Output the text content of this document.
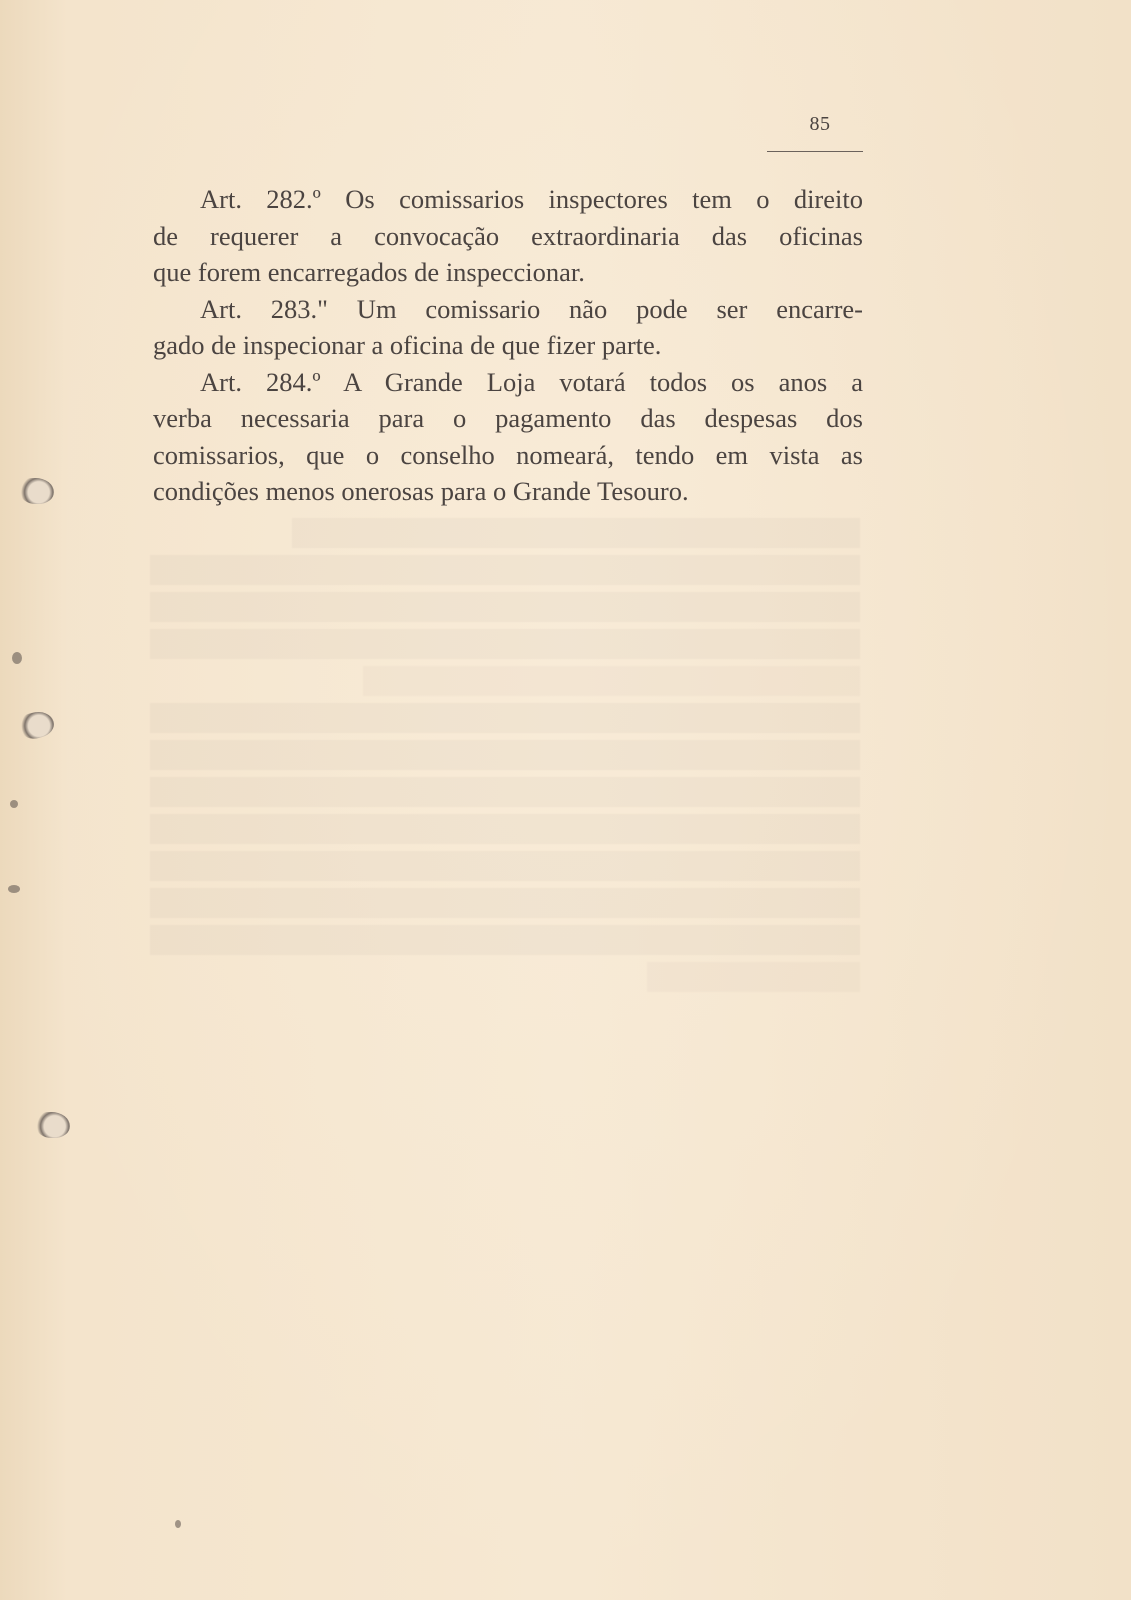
85
Art. 282.º Os comissarios inspectores tem o direito
de requerer a convocação extraordinaria das oficinas
que forem encarregados de inspeccionar.
Art. 283." Um comissario não pode ser encarre-
gado de inspecionar a oficina de que fizer parte.
Art. 284.º A Grande Loja votará todos os anos a
verba necessaria para o pagamento das despesas dos
comissarios, que o conselho nomeará, tendo em vista as
condições menos onerosas para o Grande Tesouro.
